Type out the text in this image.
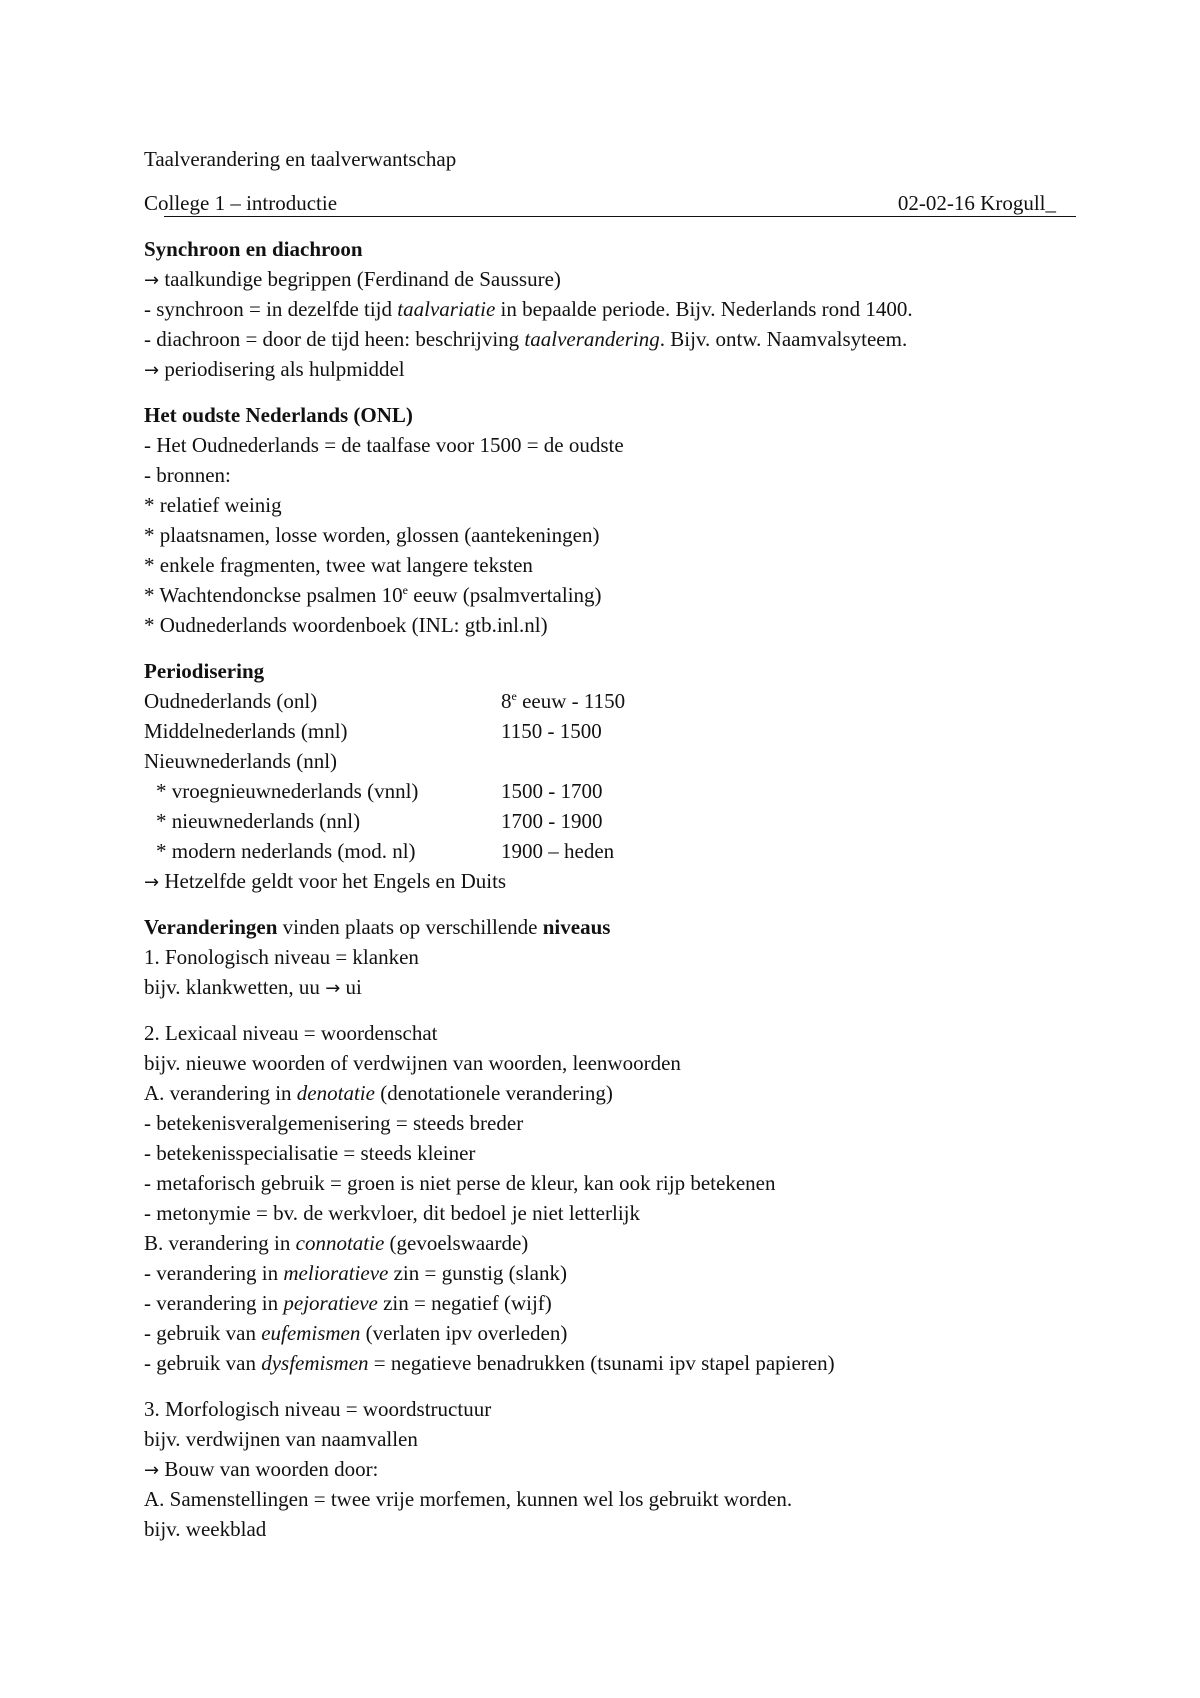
Taalverandering en taalverwantschap
College 1 – introductie	02-02-16 Krogull_
Synchroon en diachroon
→ taalkundige begrippen (Ferdinand de Saussure)
- synchroon = in dezelfde tijd taalvariatie in bepaalde periode. Bijv. Nederlands rond 1400.
- diachroon = door de tijd heen: beschrijving taalverandering. Bijv. ontw. Naamvalsyteem.
→ periodisering als hulpmiddel
Het oudste Nederlands (ONL)
- Het Oudnederlands = de taalfase voor 1500 = de oudste
- bronnen:
* relatief weinig
* plaatsnamen, losse worden, glossen (aantekeningen)
* enkele fragmenten, twee wat langere teksten
* Wachtendonckse psalmen 10e eeuw (psalmvertaling)
* Oudnederlands woordenboek (INL: gtb.inl.nl)
Periodisering
Oudnederlands (onl)	8e eeuw - 1150
Middelnederlands (mnl)	1150 - 1500
Nieuwnederlands (nnl)
* vroegnieuwnederlands (vnnl)	1500 - 1700
* nieuwnederlands (nnl)	1700 - 1900
* modern nederlands (mod. nl)	1900 – heden
→ Hetzelfde geldt voor het Engels en Duits
Veranderingen vinden plaats op verschillende niveaus
1. Fonologisch niveau = klanken
bijv. klankwetten, uu → ui
2. Lexicaal niveau = woordenschat
bijv. nieuwe woorden of verdwijnen van woorden, leenwoorden
A. verandering in denotatie (denotationele verandering)
- betekenisveralgemenisering = steeds breder
- betekenisspecialisatie = steeds kleiner
- metaforisch gebruik = groen is niet perse de kleur, kan ook rijp betekenen
- metonymie = bv. de werkvloer, dit bedoel je niet letterlijk
B. verandering in connotatie (gevoelswaarde)
- verandering in melioratieve zin = gunstig (slank)
- verandering in pejoratieve zin = negatief (wijf)
- gebruik van eufemismen (verlaten ipv overleden)
- gebruik van dysfemismen = negatieve benadrukken (tsunami ipv stapel papieren)
3. Morfologisch niveau = woordstructuur
bijv. verdwijnen van naamvallen
→ Bouw van woorden door:
A. Samenstellingen = twee vrije morfemen, kunnen wel los gebruikt worden.
bijv. weekblad
